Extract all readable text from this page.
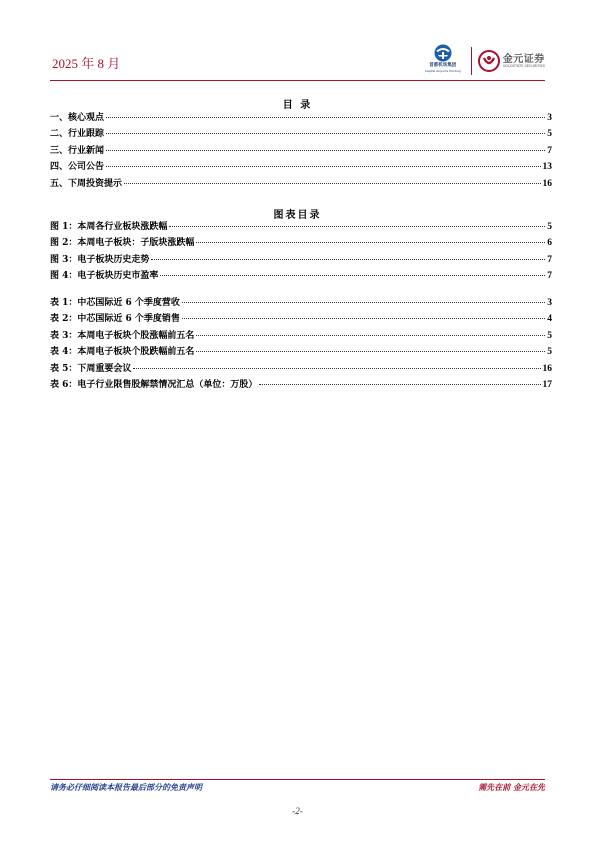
2025 年 8 月	首都机场集团
Capital Airports Holding
金元证券
GOLDSTATE SECURITIES
目 录
一、核心观点	3
二、行业跟踪	5
三、行业新闻	7
四、公司公告	13
五、下周投资提示	16
图表目录
图 1：本周各行业板块涨跌幅	5
图 2：本周电子板块：子版块涨跌幅	6
图 3：电子板块历史走势	7
图 4：电子板块历史市盈率	7
表 1：中芯国际近 6 个季度营收	3
表 2：中芯国际近 6 个季度销售	4
表 3：本周电子板块个股涨幅前五名	5
表 4：本周电子板块个股跌幅前五名	5
表 5：下周重要会议	16
表 6：电子行业限售股解禁情况汇总（单位：万股）	17
请务必仔细阅读本报告最后部分的免责声明	需先在前 金元在先
-2-
